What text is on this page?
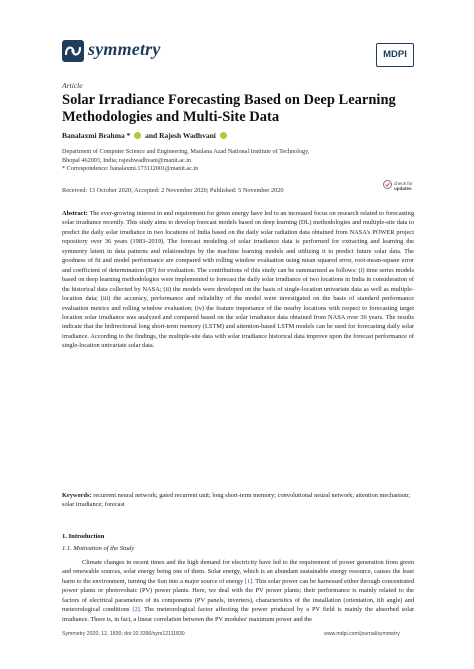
symmetry	MDPI
Article
Solar Irradiance Forecasting Based on Deep Learning Methodologies and Multi-Site Data
Banalaxmi Brahma * and Rajesh Wadhvani
Department of Computer Science and Engineering, Maulana Azad National Institute of Technology,
Bhopal 462003, India; rajeshwadhvani@manit.ac.in
* Correspondence: banalaxmi.173112001@manit.ac.in
Received: 13 October 2020; Accepted: 2 November 2020; Published: 5 November 2020
check for
updates
Abstract: The ever-growing interest in and requirement for green energy have led to an increased focus on research related to forecasting solar irradiance recently. This study aims to develop forecast models based on deep learning (DL) methodologies and multiple-site data to predict the daily solar irradiance in two locations of India based on the daily solar radiation data obtained from NASA's POWER project repository over 36 years (1983–2019). The forecast modeling of solar irradiance data is performed for extracting and learning the symmetry latent in data patterns and relationships by the machine learning models and utilizing it to predict future solar data. The goodness of fit and model performance are compared with rolling window evaluation using mean squared error, root-mean-square error and coefficient of determination (R²) for evaluation. The contributions of this study can be summarized as follows: (i) time series models based on deep learning methodologies were implemented to forecast the daily solar irradiance of two locations in India in consideration of the historical data collected by NASA; (ii) the models were developed on the basis of single-location univariate data as well as multiple-location data; (iii) the accuracy, performance and reliability of the model were investigated on the basis of standard performance evaluation metrics and rolling window evaluation; (iv) the feature importance of the nearby locations with respect to forecasting target location solar irradiance was analyzed and compared based on the solar irradiance data obtained from NASA over 36 years. The results indicate that the bidirectional long short-term memory (LSTM) and attention-based LSTM models can be used for forecasting daily solar irradiance. According to the findings, the multiple-site data with solar irradiance historical data improve upon the forecast performance of single-location univariate solar data.
Keywords: recurrent neural network; gated recurrent unit; long short-term memory; convolutional neural network; attention mechanism; solar irradiance; forecast
1. Introduction
1.1. Motivation of the Study
Climate changes in recent times and the high demand for electricity have led to the requirement of power generation from green and renewable sources, solar energy being one of them. Solar energy, which is an abundant sustainable energy resource, causes the least harm to the environment, turning the Sun into a major source of energy [1]. This solar power can be harnessed either through concentrated power plants or photovoltaic (PV) power plants. Here, we deal with the PV power plants; their performance is mainly related to the factors of electrical parameters of its components (PV panels, inverters), characteristics of the installation (orientation, tilt angle) and meteorological conditions [2]. The meteorological factor affecting the power produced by a PV field is mainly the absorbed solar irradiance. There is, in fact, a linear correlation between the PV modules' maximum power and the
Symmetry 2020, 12, 1830; doi:10.3390/sym12111830	www.mdpi.com/journal/symmetry
